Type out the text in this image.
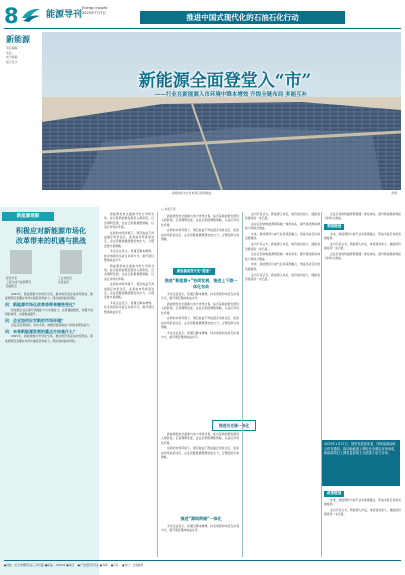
8	能源导刊
Energy Insight
2025年7月7日	推进中国式现代化的石油石化行动
新能源
责任编辑：
电话：
电子邮箱：
版式设计：
新能源全面登堂入“市”
——行业在新能源入市环境中降本增效 升级全链布局 多能互补
新疆油田光伏发电项目现场航拍。	供图
新能源观察
积极应对新能源市场化
改革带来的机遇与挑战
经济学家
工程与油气能源研究
院副院长
工业和信息
化部委员

2025年，新能源参与市场化交易，推动电价逐步由市场形成。新能源项目需要在市场中提高竞争能力，同时承担波动风险。

问：新能源市场化改革将带来哪些变化？

新能源企业应提升预测能力与交易能力，完善储能配套，加强与电网的协同，实现效益提升。

问：企业如何应对新的市场环境？

企业应统筹规划，优化布局，增强资源获取能力和技术研发能力。

问：未来新能源发展的重点方向是什么？

2025年，新能源参与市场化交易，推动电价逐步由市场形成。新能源项目需要在市场中提高竞争能力，同时承担波动风险。

新能源发电全面参与电力市场交易，标志着新能源发展进入新阶段。记者调研发现，企业正积极调整策略，以适应市场化环境。

在新的市场环境下，项目收益不再由固定电价决定，而是由市场供需决定。企业需要准确预测发电出力，合理安排交易策略。

多家企业表示，将通过降本增效、技术创新和多能互补等方式，提升项目整体收益水平。

新能源发电全面参与电力市场交易，标志着新能源发展进入新阶段。记者调研发现，企业正积极调整策略，以适应市场化环境。

在新的市场环境下，项目收益不再由固定电价决定，而是由市场供需决定。企业需要准确预测发电出力，合理安排交易策略。

多家企业表示，将通过降本增效、技术创新和多能互补等方式，提升项目整体收益水平。

□ 本报记者

新能源发电全面参与电力市场交易，标志着新能源发展进入新阶段。记者调研发现，企业正积极调整策略，以适应市场化环境。

在新的市场环境下，项目收益不再由固定电价决定，而是由市场供需决定。企业需要准确预测发电出力，合理安排交易策略。

新能源高效开发“提速”
推进“新能源+”协同发展，推进上下游一体化布局

多家企业表示，将通过降本增效、技术创新和多能互补等方式，提升项目整体收益水平。

新能源发电全面参与电力市场交易，标志着新能源发展进入新阶段。记者调研发现，企业正积极调整策略，以适应市场化环境。

在新的市场环境下，项目收益不再由固定电价决定，而是由市场供需决定。企业需要准确预测发电出力，合理安排交易策略。

多家企业表示，将通过降本增效、技术创新和多能互补等方式，提升项目整体收益水平。

推进风光储一体化

新能源发电全面参与电力市场交易，标志着新能源发展进入新阶段。记者调研发现，企业正积极调整策略，以适应市场化环境。

在新的市场环境下，项目收益不再由固定电价决定，而是由市场供需决定。企业需要准确预测发电出力，合理安排交易策略。

推进“源网荷储”一体化

多家企业表示，将通过降本增效、技术创新和多能互补等方式，提升项目整体收益水平。

业内专家认为，新能源入市后，电价波动加大，储能的价值将进一步凸显。

企业应加快构建源网荷储一体化体系，提升新能源消纳能力和综合效益。

未来，新能源将与油气业务深度融合，形成多能互补的发展格局。

业内专家认为，新能源入市后，电价波动加大，储能的价值将进一步凸显。

企业应加快构建源网荷储一体化体系，提升新能源消纳能力和综合效益。

未来，新能源将与油气业务深度融合，形成多能互补的发展格局。

业内专家认为，新能源入市后，电价波动加大，储能的价值将进一步凸显。

企业应加快构建源网荷储一体化体系，提升新能源消纳能力和综合效益。

观察链接

未来，新能源将与油气业务深度融合，形成多能互补的发展格局。

业内专家认为，新能源入市后，电价波动加大，储能的价值将进一步凸显。

企业应加快构建源网荷储一体化体系，提升新能源消纳能力和综合效益。

2025年1月27日，国家发展改革委、国家能源局联合印发通知，推动新能源上网电价全面由市场形成，新能源项目上网电量原则上全部进入电力市场。
政策链接

未来，新能源将与油气业务深度融合，形成多能互补的发展格局。

业内专家认为，新能源入市后，电价波动加大，储能的价值将进一步凸显。

●地址：北京市朝阳区东三环中路 ●邮编：100020 ●电话： ●广告经营许可证 ●印刷： ●定价： ●发行：全国邮局
